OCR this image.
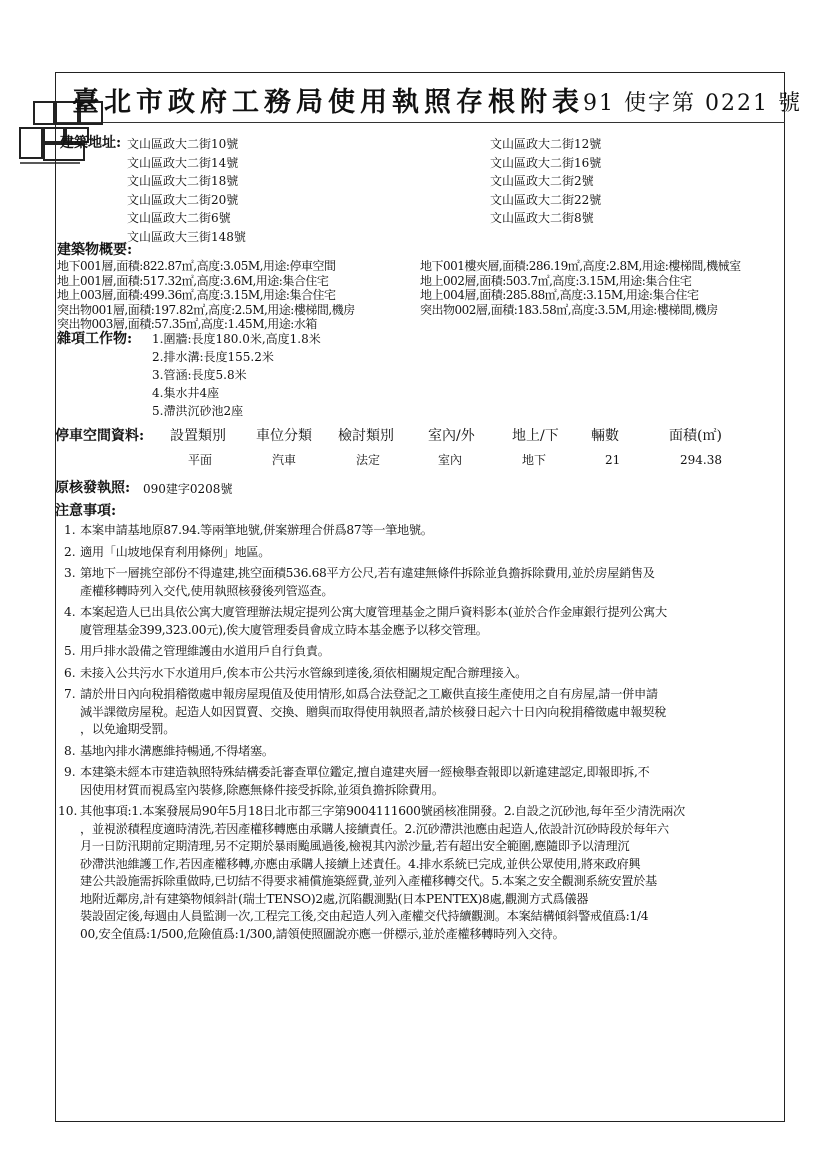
臺北市政府工務局使用執照存根附表 91 使字第 0221 號
建築地址: 文山區政大二街10號
文山區政大二街14號
文山區政大二街18號
文山區政大二街20號
文山區政大二街6號
文山區政大三街148號
文山區政大二街12號
文山區政大二街16號
文山區政大二街2號
文山區政大二街22號
文山區政大二街8號
建築物概要:
地下001層,面積:822.87㎡,高度:3.05M,用途:停車空間
地上001層,面積:517.32㎡,高度:3.6M,用途:集合住宅
地上003層,面積:499.36㎡,高度:3.15M,用途:集合住宅
突出物001層,面積:197.82㎡,高度:2.5M,用途:樓梯間,機房
突出物003層,面積:57.35㎡,高度:1.45M,用途:水箱
地下001樓夾層,面積:286.19㎡,高度:2.8M,用途:樓梯間,機械室
地上002層,面積:503.7㎡,高度:3.15M,用途:集合住宅
地上004層,面積:285.88㎡,高度:3.15M,用途:集合住宅
突出物002層,面積:183.58㎡,高度:3.5M,用途:樓梯間,機房
雜項工作物: 1.圍牆:長度180.0米,高度1.8米
2.排水溝:長度155.2米
3.管涵:長度5.8米
4.集水井4座
5.滯洪沉砂池2座
停車空間資料: 設置類別 車位分類 檢討類別 室內/外	地上/下 輛數	面積(㎡)
平面	汽車	法定	室內	地下	21	294.38
原核發執照: 090建字0208號
注意事項:
1. 本案申請基地原87.94.等兩筆地號,併案辦理合併爲87等一筆地號。
2. 適用「山坡地保育利用條例」地區。
3. 第地下一層挑空部份不得違建,挑空面積536.68平方公尺,若有違建無條件拆除並負擔拆除費用,並於房屋銷售及
產權移轉時列入交代,使用執照核發後列管巡查。
4. 本案起造人已出具依公寓大廈管理辦法規定提列公寓大廈管理基金之開戶資料影本(並於合作金庫銀行提列公寓大
廈管理基金399,323.00元),俟大廈管理委員會成立時本基金應予以移交管理。
5. 用戶排水設備之管理維護由水道用戶自行負責。
6. 未接入公共污水下水道用戶,俟本市公共污水管線到達後,須依相關規定配合辦理接入。
7. 請於卅日內向稅捐稽徵處申報房屋現值及使用情形,如爲合法登記之工廠供直接生產使用之自有房屋,請一併申請
減半課徵房屋稅。起造人如因買賣、交換、贈與而取得使用執照者,請於核發日起六十日內向稅捐稽徵處申報契稅
，以免逾期受罰。
8. 基地內排水溝應維持暢通,不得堵塞。
9. 本建築未經本市建造執照特殊結構委託審查單位鑑定,擅自違建夾層一經檢舉查報即以新違建認定,即報即拆,不
因使用材質而視爲室內裝修,除應無條件接受拆除,並須負擔拆除費用。
10. 其他事項:1.本案發展局90年5月18日北市都三字第9004111600號函核准開發。2.自設之沉砂池,每年至少清洗兩次
，並視淤積程度適時清洗,若因產權移轉應由承購人接續責任。2.沉砂滯洪池應由起造人,依設計沉砂時段於每年六
月一日防汛期前定期清理,另不定期於暴雨颱風過後,檢視其內淤沙量,若有超出安全範圍,應隨即予以清理沉
砂滯洪池維護工作,若因產權移轉,亦應由承購人接續上述責任。4.排水系統已完成,並供公眾使用,將來政府興
建公共設施需拆除重做時,已切結不得要求補償施築經費,並列入產權移轉交代。5.本案之安全觀測系統安置於基
地附近鄰房,計有建築物傾斜計(瑞士TENSO)2處,沉陷觀測點(日本PENTEX)8處,觀測方式爲儀器
裝設固定後,每週由人員監測一次,工程完工後,交由起造人列入產權交代持續觀測。本案結構傾斜警戒值爲:1/4
00,安全值爲:1/500,危險值爲:1/300,請領使照圖說亦應一併標示,並於產權移轉時列入交待。
